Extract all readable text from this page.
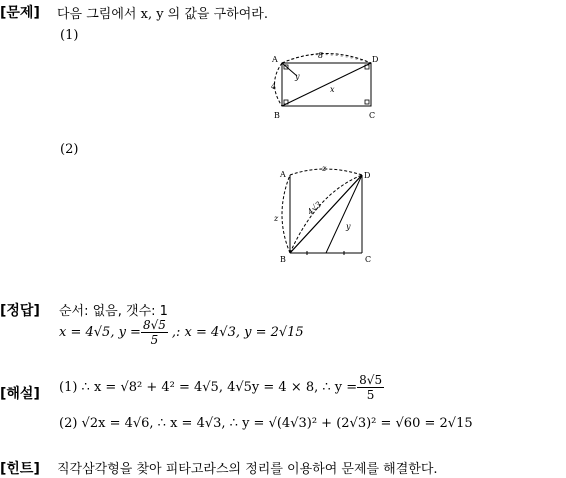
[문제] 다음 그림에서 x, y 의 값을 구하여라.
(1)
A
B	C
D
8
4
y
x
(2)
A
B	C
D
z
z
4√3
y
[정답] 순서: 없음, 갯수: 1
x = 4√5, $y = \frac{8√5}{5}$ ,: x = 4√3, y = 2√15
[해설] (1) ∴ x = √8² + 4² = 4√5, 4√5y = 4 × 8, ∴ $y = \frac{8√5}{5}$
(2) √2x = 4√6, ∴ x = 4√3, ∴ y = √(4√3)² + (2√3)² = √60 = 2√15
[힌트] 직각삼각형을 찾아 피타고라스의 정리를 이용하여 문제를 해결한다.
